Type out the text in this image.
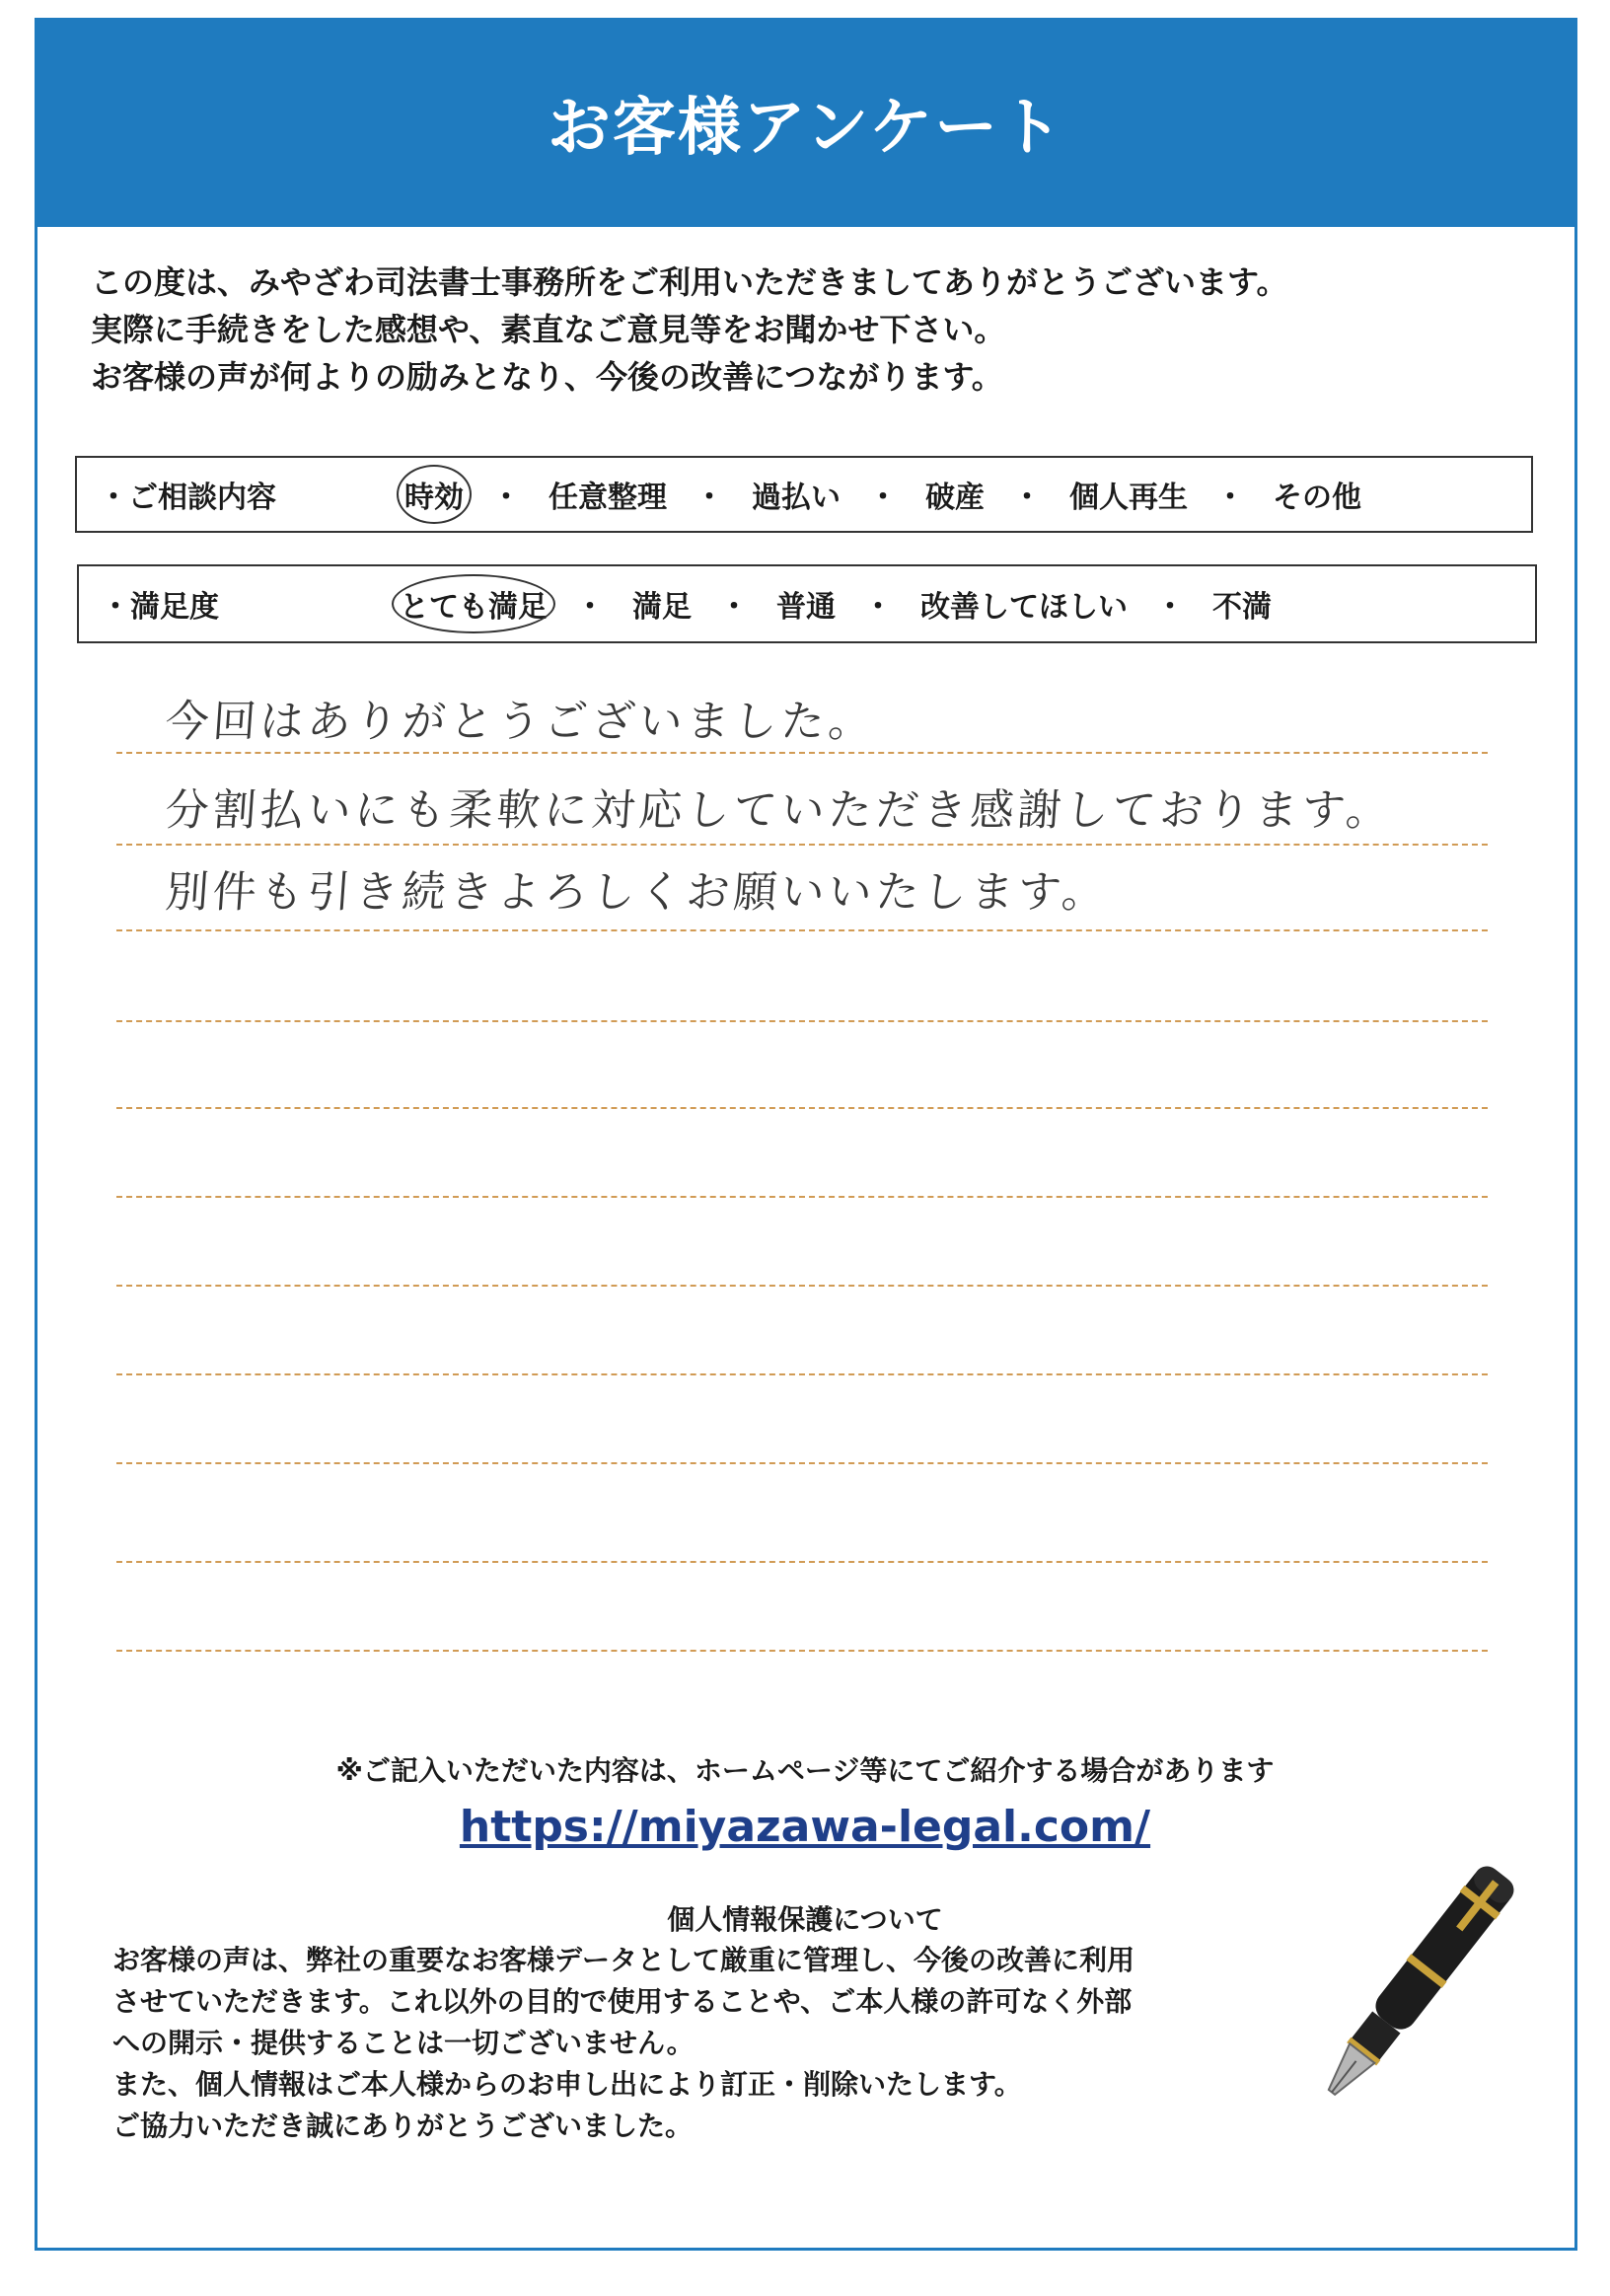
お客様アンケート
この度は、みやざわ司法書士事務所をご利用いただきましてありがとうございます。
実際に手続きをした感想や、素直なご意見等をお聞かせ下さい。
お客様の声が何よりの励みとなり、今後の改善につながります。
・ご相談内容	時効 ・ 任意整理 ・ 過払い ・ 破産 ・ 個人再生 ・ その他
・満足度	とても満足 ・ 満足 ・ 普通 ・ 改善してほしい ・ 不満
今回はありがとうございました。
分割払いにも柔軟に対応していただき感謝しております。
別件も引き続きよろしくお願いいたします。
※ご記入いただいた内容は、ホームページ等にてご紹介する場合があります
https://miyazawa-legal.com/
個人情報保護について
お客様の声は、弊社の重要なお客様データとして厳重に管理し、今後の改善に利用
させていただきます。これ以外の目的で使用することや、ご本人様の許可なく外部
への開示・提供することは一切ございません。
また、個人情報はご本人様からのお申し出により訂正・削除いたします。
ご協力いただき誠にありがとうございました。
